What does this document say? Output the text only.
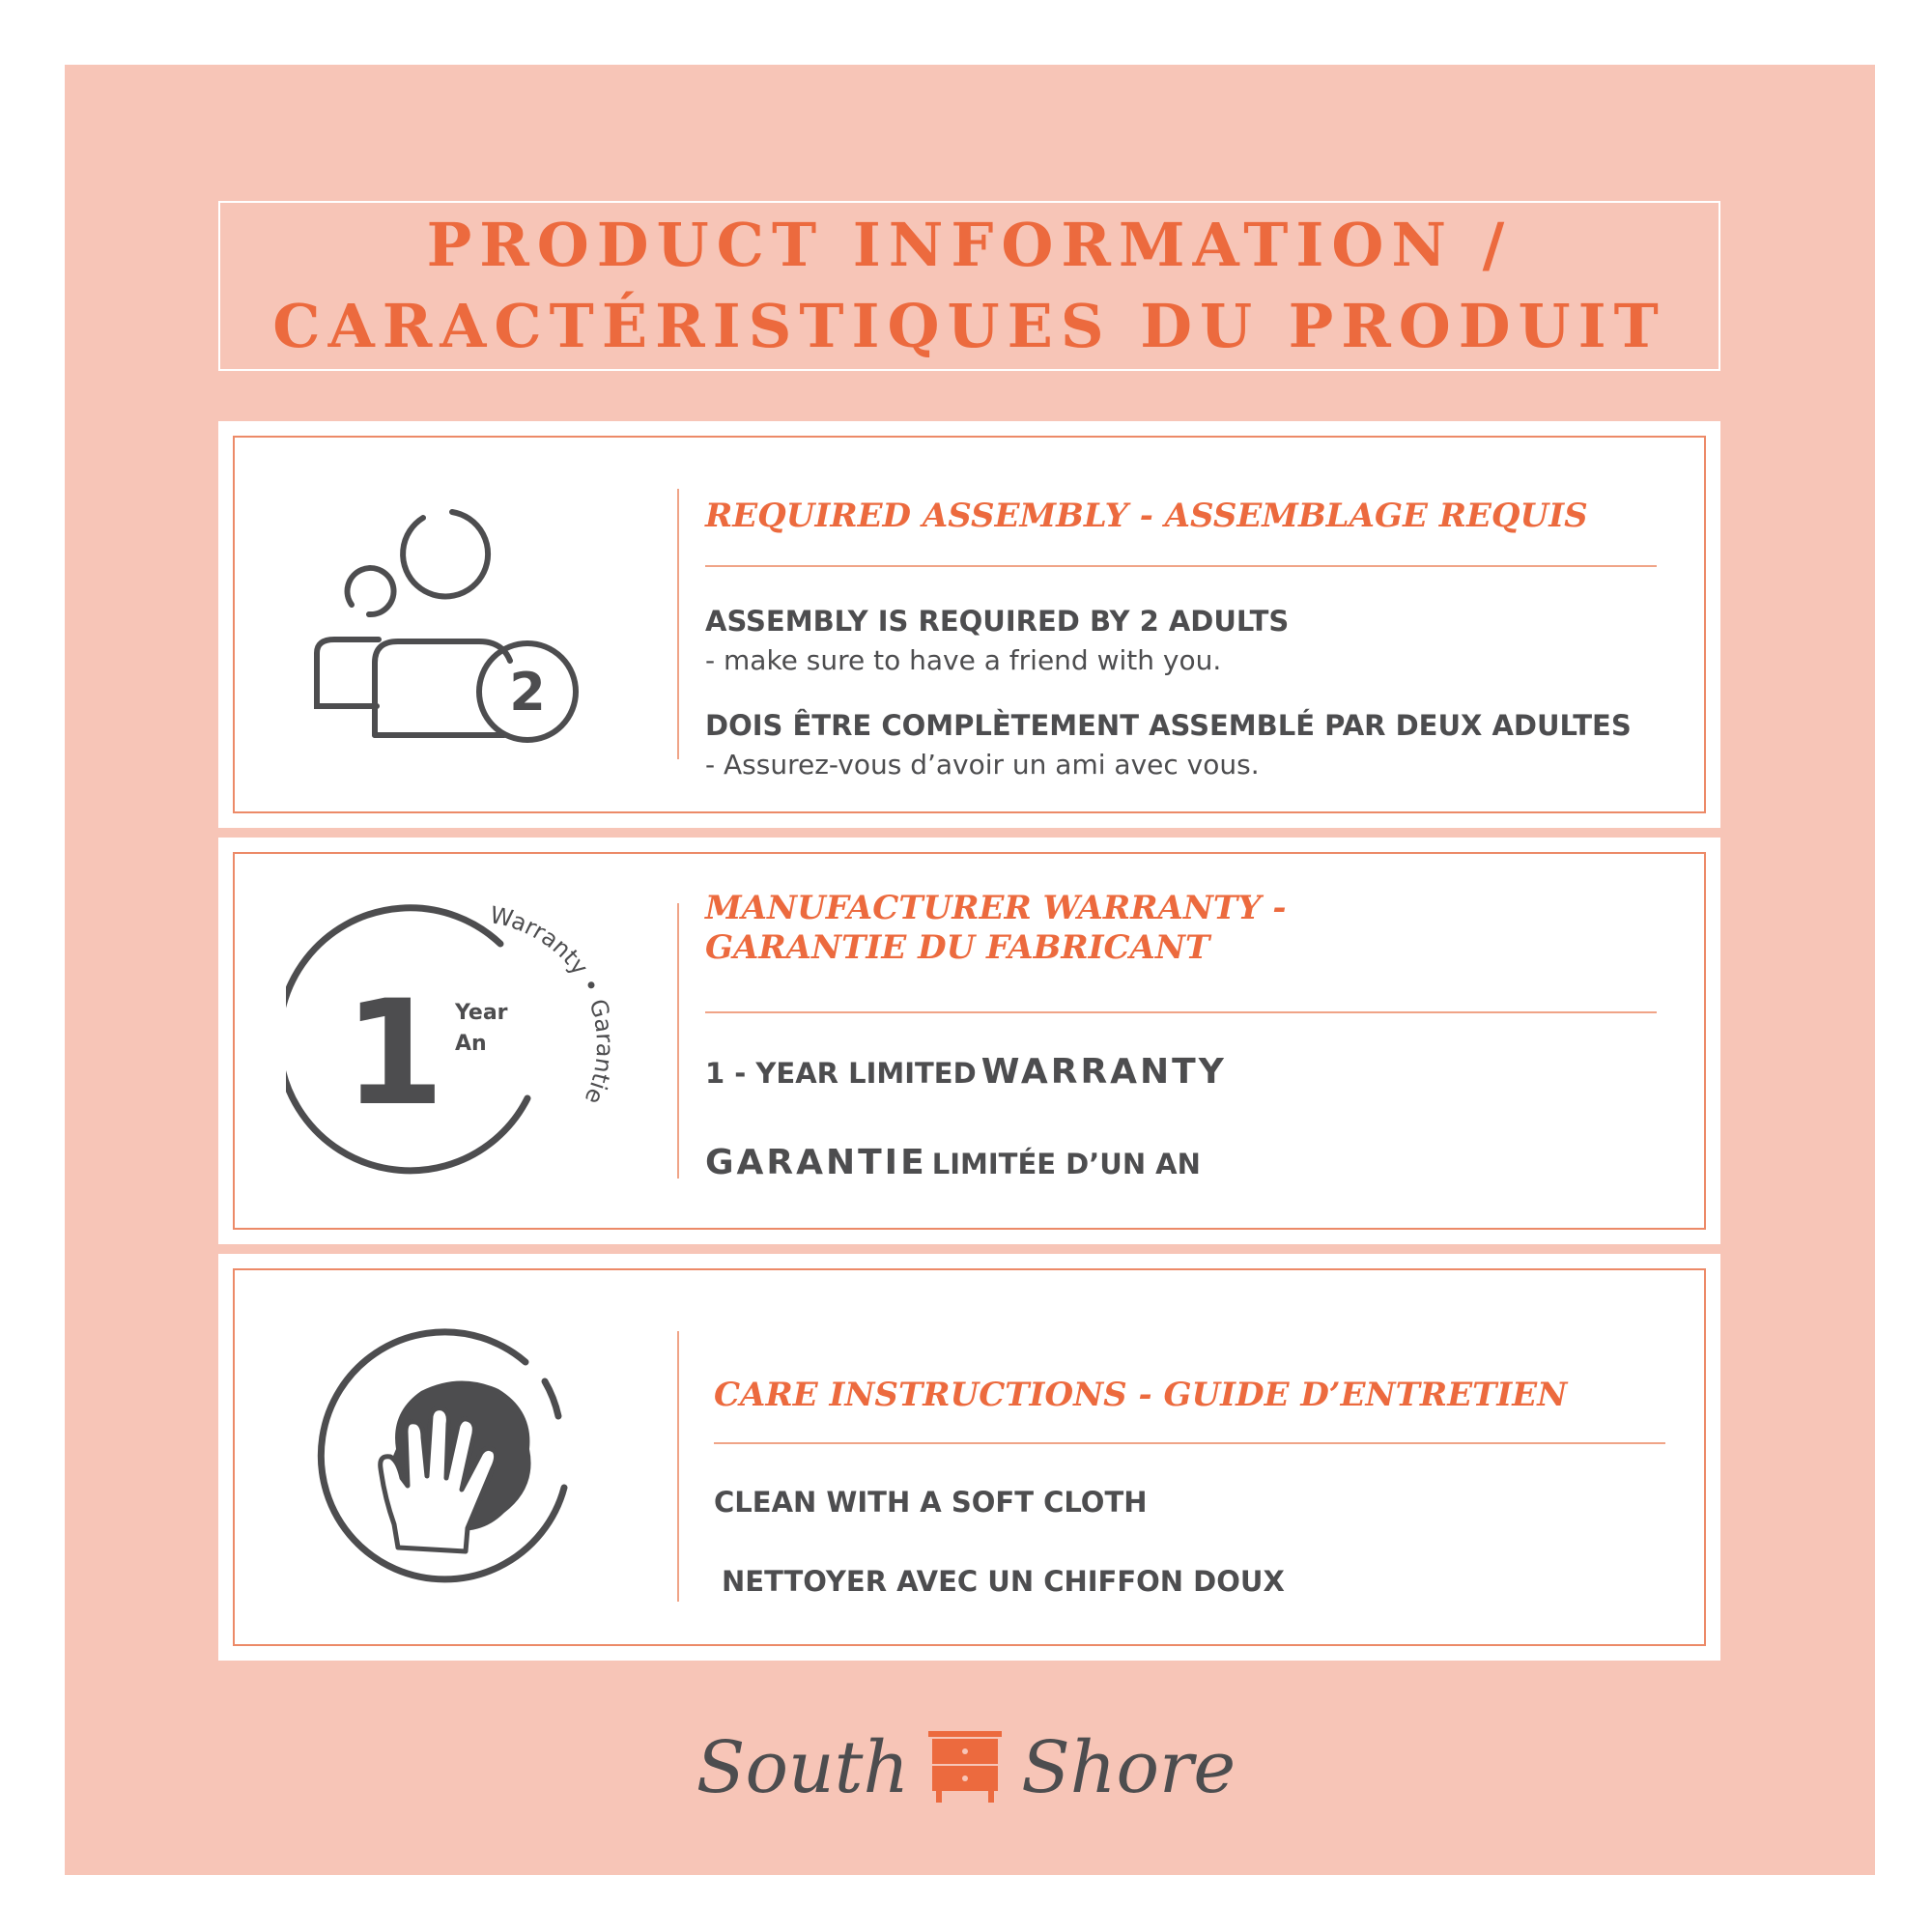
PRODUCT INFORMATION /
CARACTÉRISTIQUES DU PRODUIT
2
REQUIRED ASSEMBLY - ASSEMBLAGE REQUIS
ASSEMBLY IS REQUIRED BY 2 ADULTS
- make sure to have a friend with you.
DOIS ÊTRE COMPLÈTEMENT ASSEMBLÉ PAR DEUX ADULTES
- Assurez-vous d’avoir un ami avec vous.
1 Year
An
Warranty • Garantie
MANUFACTURER WARRANTY -
GARANTIE DU FABRICANT
1 - YEAR LIMITED WARRANTY
GARANTIE LIMITÉE D’UN AN
CARE INSTRUCTIONS - GUIDE D’ENTRETIEN
CLEAN WITH A SOFT CLOTH
NETTOYER AVEC UN CHIFFON DOUX
South Shore
